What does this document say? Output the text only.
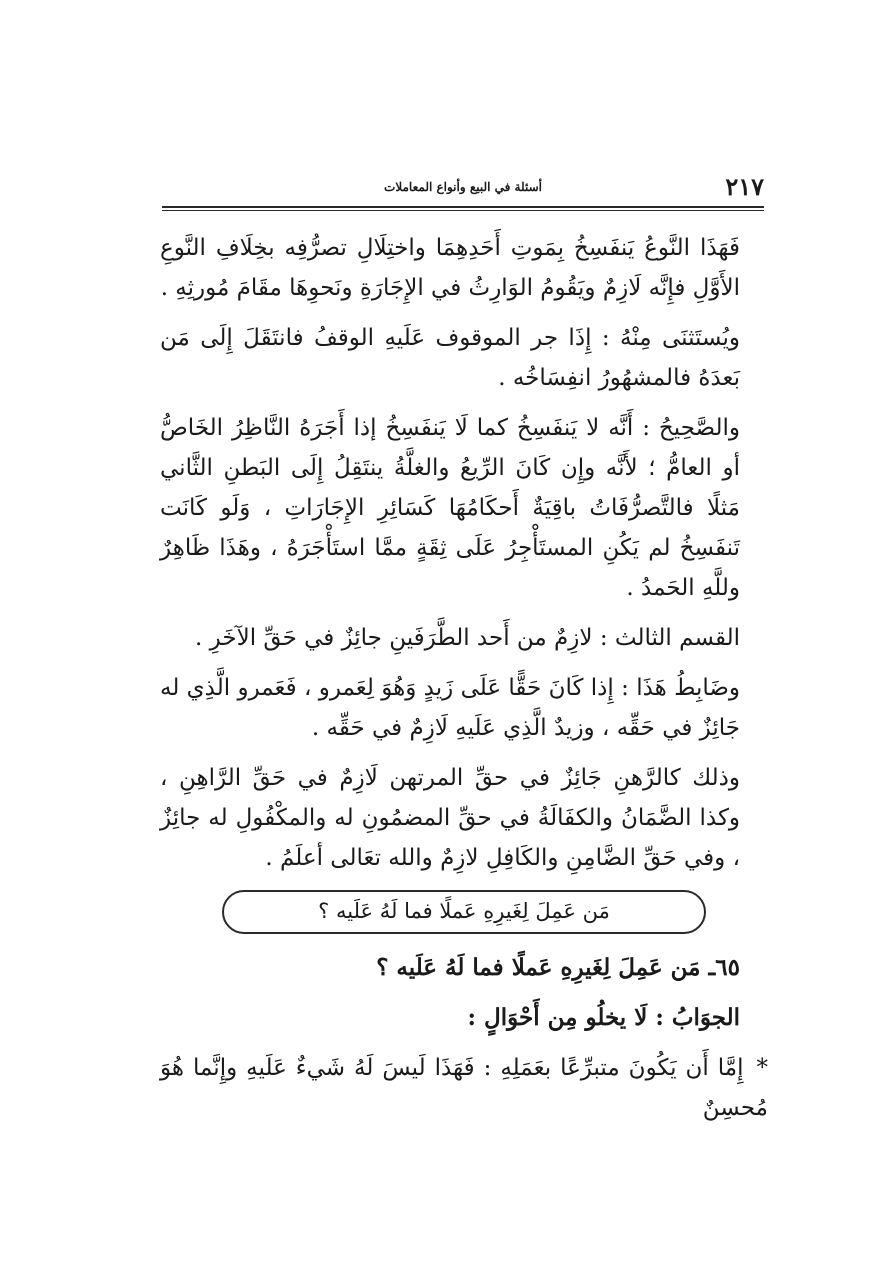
٢١٧
أسئلة في البيع وأنواع المعاملات

فَهَذَا النَّوعُ يَنفَسِخُ بِمَوتِ أَحَدِهِمَا واختِلَالِ تصرُّفِه بخِلَافِ النَّوعِ الأَوَّلِ فإِنَّه لَازِمٌ ويَقُومُ الوَارِثُ في الإِجَارَةِ ونَحوِهَا مقَامَ مُورثِهِ .

ويُستَثنَى مِنْهُ : إِذَا جر الموقوف عَلَيهِ الوقفُ فانتَقَلَ إِلَى مَن بَعدَهُ فالمشهُورُ انفِسَاخُه .

والصَّحِيحُ : أَنَّه لا يَنفَسِخُ كما لَا يَنفَسِخُ إذا أَجَرَهُ النَّاظِرُ الخَاصُّ أو العامُّ ؛ لأَنَّه وإِن كَانَ الرِّيعُ والغلَّةُ ينتَقِلُ إِلَى البَطنِ الثَّاني مَثلًا فالتَّصرُّفَاتُ باقِيَةٌ أَحكَامُهَا كَسَائِرِ الإِجَارَاتِ ، وَلَو كَانَت تَنفَسِخُ لم يَكُنِ المستَأْجِرُ عَلَى ثِقَةٍ ممَّا استَأْجَرَهُ ، وهَذَا ظَاهِرٌ وللَّهِ الحَمدُ .

القسم الثالث : لازِمٌ من أَحد الطَّرَفَينِ جائِزٌ في حَقِّ الآخَرِ .

وضَابِطُ هَذَا : إِذا كَانَ حَقًّا عَلَى زَيدٍ وَهُوَ لِعَمرو ، فَعَمرو الَّذِي له جَائِزٌ في حَقِّه ، وزيدٌ الَّذِي عَلَيهِ لَازِمٌ في حَقِّه .

وذلك كالرَّهنِ جَائِزٌ في حقِّ المرتهن لَازِمٌ في حَقِّ الرَّاهِنِ ، وكذا الضَّمَانُ والكفَالَةُ في حقِّ المضمُونِ له والمكْفُولِ له جائِزٌ ، وفي حَقِّ الضَّامِنِ والكَافِلِ لازِمٌ والله تعَالى أعلَمُ .

مَن عَمِلَ لِغَيرِهِ عَملًا فما لَهُ عَلَيه ؟

٦٥ـ مَن عَمِلَ لِغَيرِهِ عَملًا فما لَهُ عَلَيه ؟

الجوَابُ : لَا يخلُو مِن أَحْوَالٍ :

* إِمَّا أَن يَكُونَ متبرِّعًا بعَمَلِهِ : فَهَذَا لَيسَ لَهُ شَيءٌ عَلَيهِ وإِنَّما هُوَ مُحسِنٌ
